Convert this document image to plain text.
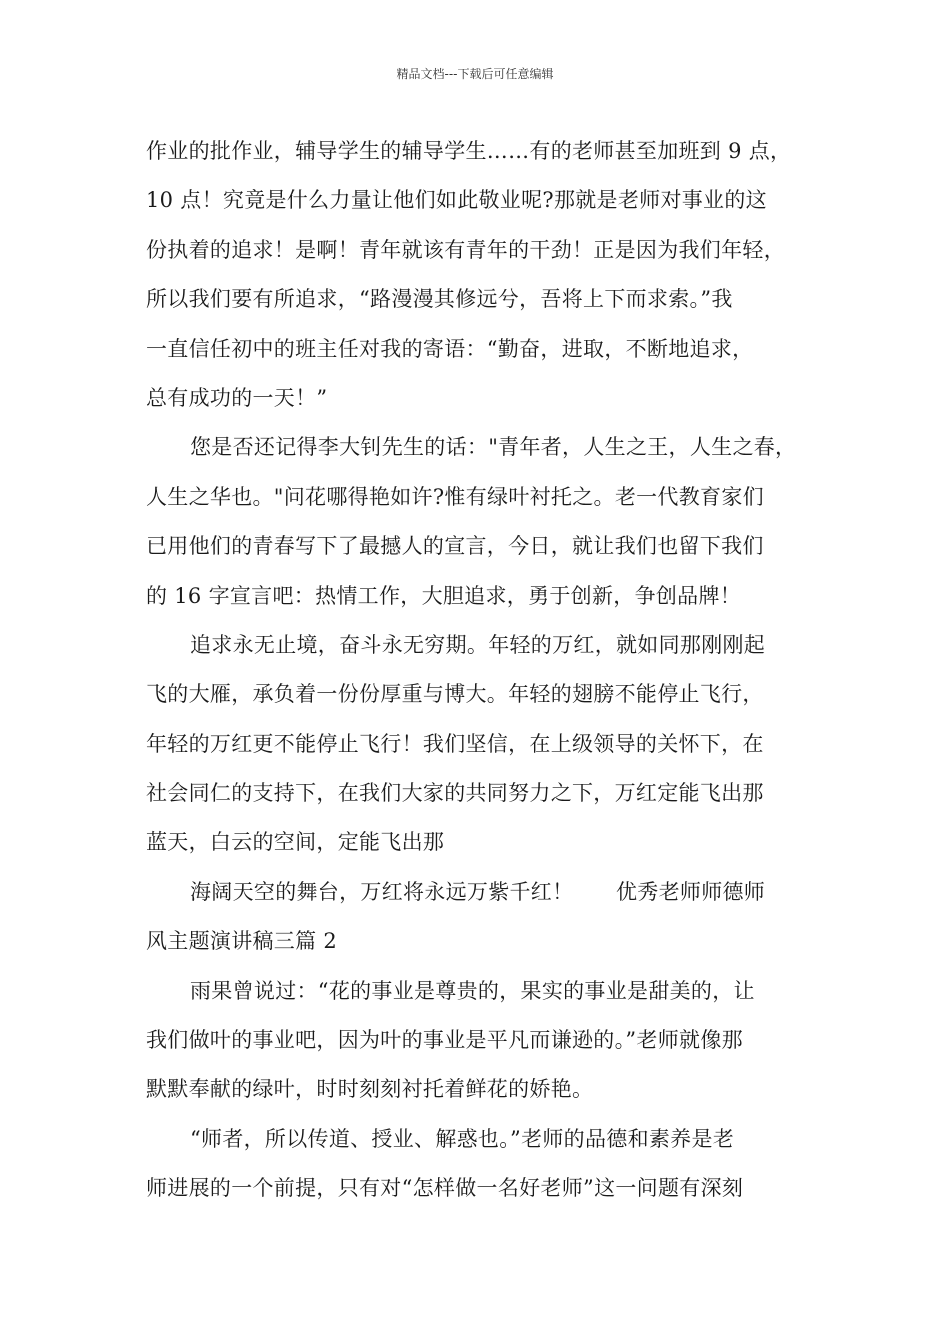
精品文档---下载后可任意编辑
作业的批作业，辅导学生的辅导学生……有的老师甚至加班到 9 点，
10 点！究竟是什么力量让他们如此敬业呢?那就是老师对事业的这
份执着的追求！是啊！青年就该有青年的干劲！正是因为我们年轻，
所以我们要有所追求，“路漫漫其修远兮，吾将上下而求索。”我
一直信任初中的班主任对我的寄语：“勤奋，进取，不断地追求，
总有成功的一天！”
您是否还记得李大钊先生的话："青年者，人生之王，人生之春，
人生之华也。"问花哪得艳如许?惟有绿叶衬托之。老一代教育家们
已用他们的青春写下了最撼人的宣言，今日，就让我们也留下我们
的 16 字宣言吧：热情工作，大胆追求，勇于创新，争创品牌！
追求永无止境，奋斗永无穷期。年轻的万红，就如同那刚刚起
飞的大雁，承负着一份份厚重与博大。年轻的翅膀不能停止飞行，
年轻的万红更不能停止飞行！我们坚信，在上级领导的关怀下，在
社会同仁的支持下，在我们大家的共同努力之下，万红定能飞出那
蓝天，白云的空间，定能飞出那
海阔天空的舞台，万红将永远万紫千红！　　优秀老师师德师
风主题演讲稿三篇 2
雨果曾说过：“花的事业是尊贵的，果实的事业是甜美的，让
我们做叶的事业吧，因为叶的事业是平凡而谦逊的。”老师就像那
默默奉献的绿叶，时时刻刻衬托着鲜花的娇艳。
“师者，所以传道、授业、解惑也。”老师的品德和素养是老
师进展的一个前提，只有对“怎样做一名好老师”这一问题有深刻
